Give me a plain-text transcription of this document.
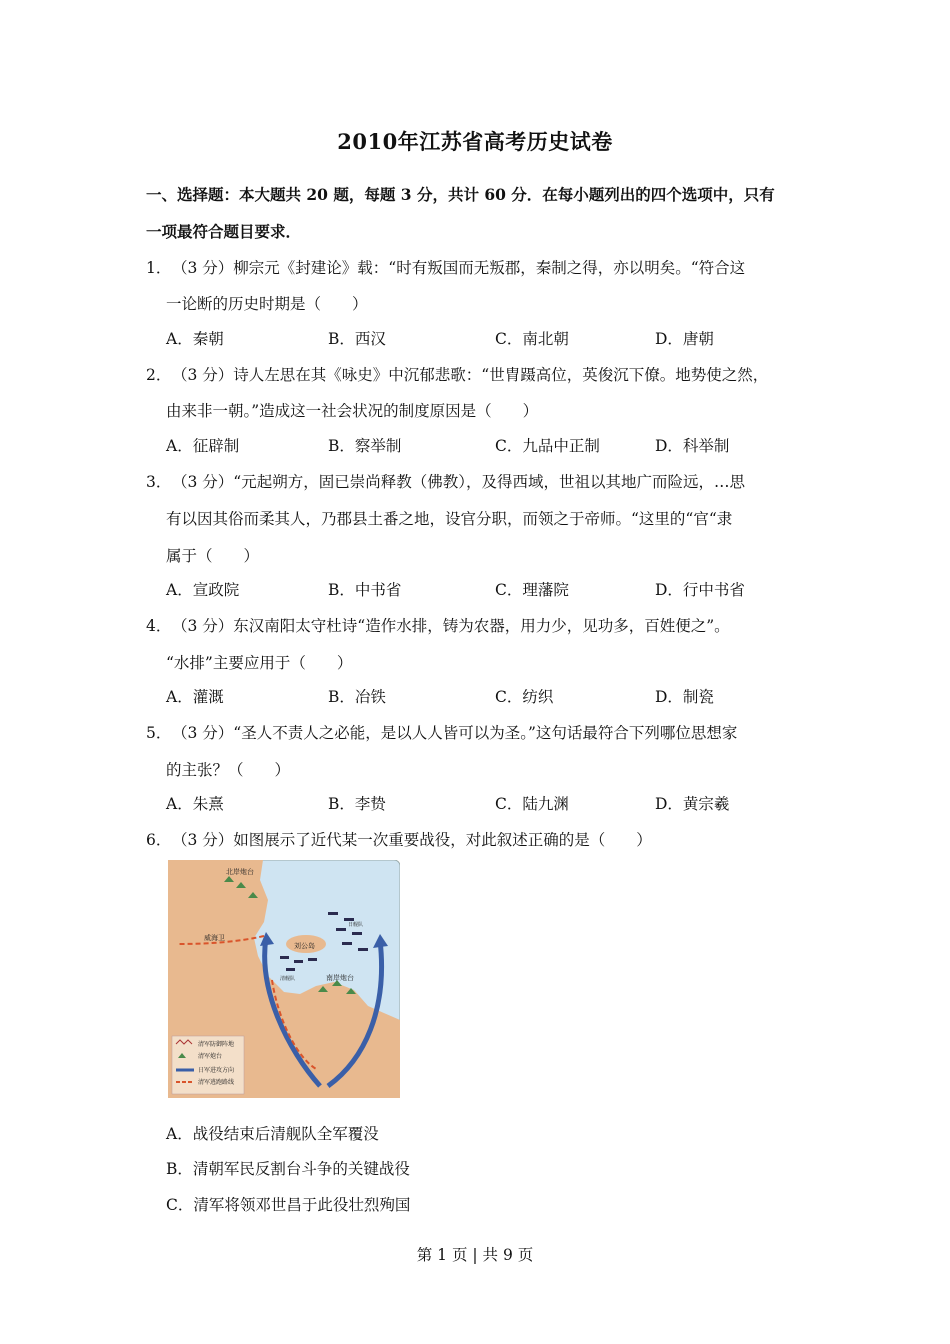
2010年江苏省高考历史试卷
一、选择题：本大题共 20 题，每题 3 分，共计 60 分．在每小题列出的四个选项中，只有
一项最符合题目要求．
1． （3 分）柳宗元《封建论》载：“时有叛国而无叛郡，秦制之得，亦以明矣。“符合这
一论断的历史时期是（　　）
A．秦朝	B．西汉	C．南北朝	D．唐朝
2． （3 分）诗人左思在其《咏史》中沉郁悲歌：“世胄蹑高位，英俊沉下僚。地势使之然，
由来非一朝。”造成这一社会状况的制度原因是（　　）
A．征辟制	B．察举制	C．九品中正制	D．科举制
3． （3 分）“元起朔方，固已崇尚释教（佛教），及得西域，世祖以其地广而险远，…思
有以因其俗而柔其人，乃郡县土番之地，设官分职，而领之于帝师。“这里的“官“隶
属于（　　）
A．宣政院	B．中书省	C．理藩院	D．行中书省
4． （3 分）东汉南阳太守杜诗“造作水排，铸为农器，用力少，见功多，百姓便之”。
“水排”主要应用于（　　）
A．灌溉	B．冶铁	C．纺织	D．制瓷
5． （3 分）“圣人不责人之必能，是以人人皆可以为圣。”这句话最符合下列哪位思想家
的主张？（　　）
A．朱熹	B．李贽	C．陆九渊	D．黄宗羲
6． （3 分）如图展示了近代某一次重要战役，对此叙述正确的是（　　）
北岸炮台
威海卫
刘公岛
南岸炮台
日舰队
清舰队
清军防御阵地
清军炮台
日军进攻方向
清军逃跑路线
A．战役结束后清舰队全军覆没
B．清朝军民反割台斗争的关键战役
C．清军将领邓世昌于此役壮烈殉国
第 1 页 | 共 9 页
